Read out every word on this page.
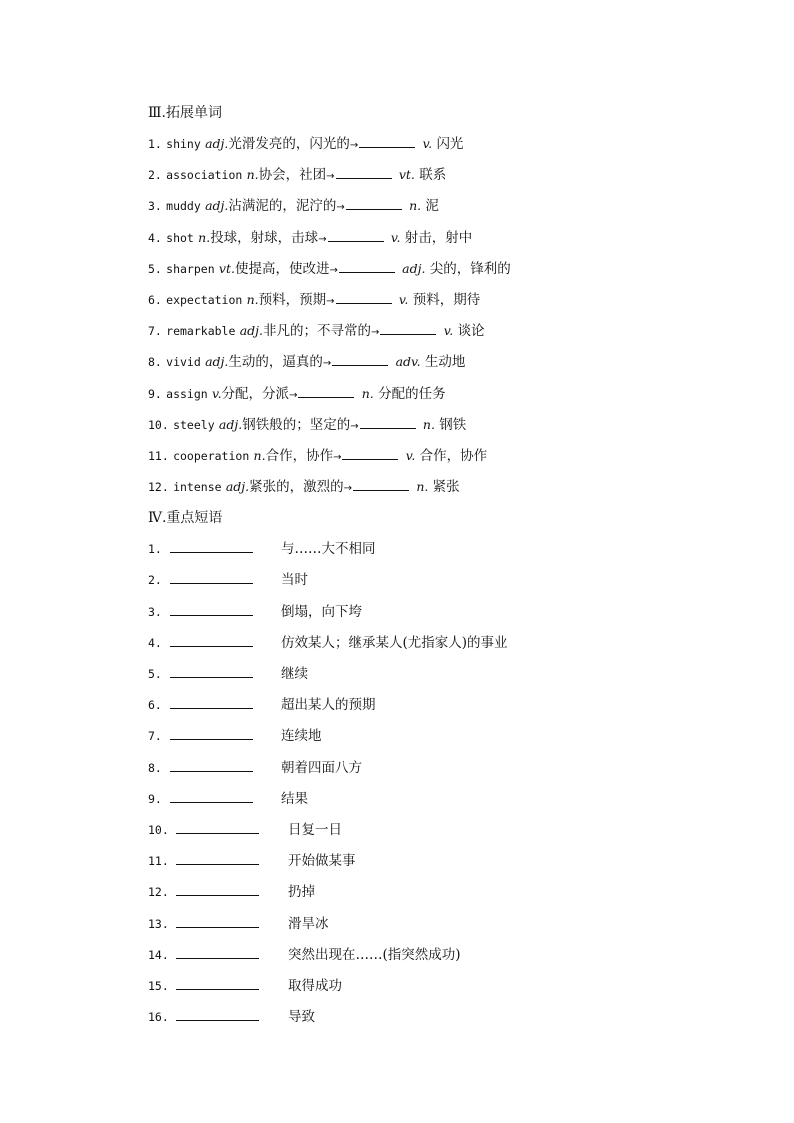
Ⅲ.拓展单词
1. shiny adj.光滑发亮的，闪光的→	v. 闪光
2. association n.协会，社团→	vt. 联系
3. muddy adj.沾满泥的，泥泞的→	n. 泥
4. shot n.投球，射球，击球→	v. 射击，射中
5. sharpen vt.使提高，使改进→	adj. 尖的，锋利的
6. expectation n.预料，预期→	v. 预料，期待
7. remarkable adj.非凡的；不寻常的→	v. 谈论
8. vivid adj.生动的，逼真的→	adv. 生动地
9. assign v.分配，分派→	n. 分配的任务
10. steely adj.钢铁般的；坚定的→	n. 钢铁
11. cooperation n.合作，协作→	v. 合作，协作
12. intense adj.紧张的，激烈的→	n. 紧张
Ⅳ.重点短语
1.	与……大不相同
2.	当时
3.	倒塌，向下垮
4.	仿效某人；继承某人(尤指家人)的事业
5.	继续
6.	超出某人的预期
7.	连续地
8.	朝着四面八方
9.	结果
10.	日复一日
11.	开始做某事
12.	扔掉
13.	滑旱冰
14.	突然出现在……(指突然成功)
15.	取得成功
16.	导致
